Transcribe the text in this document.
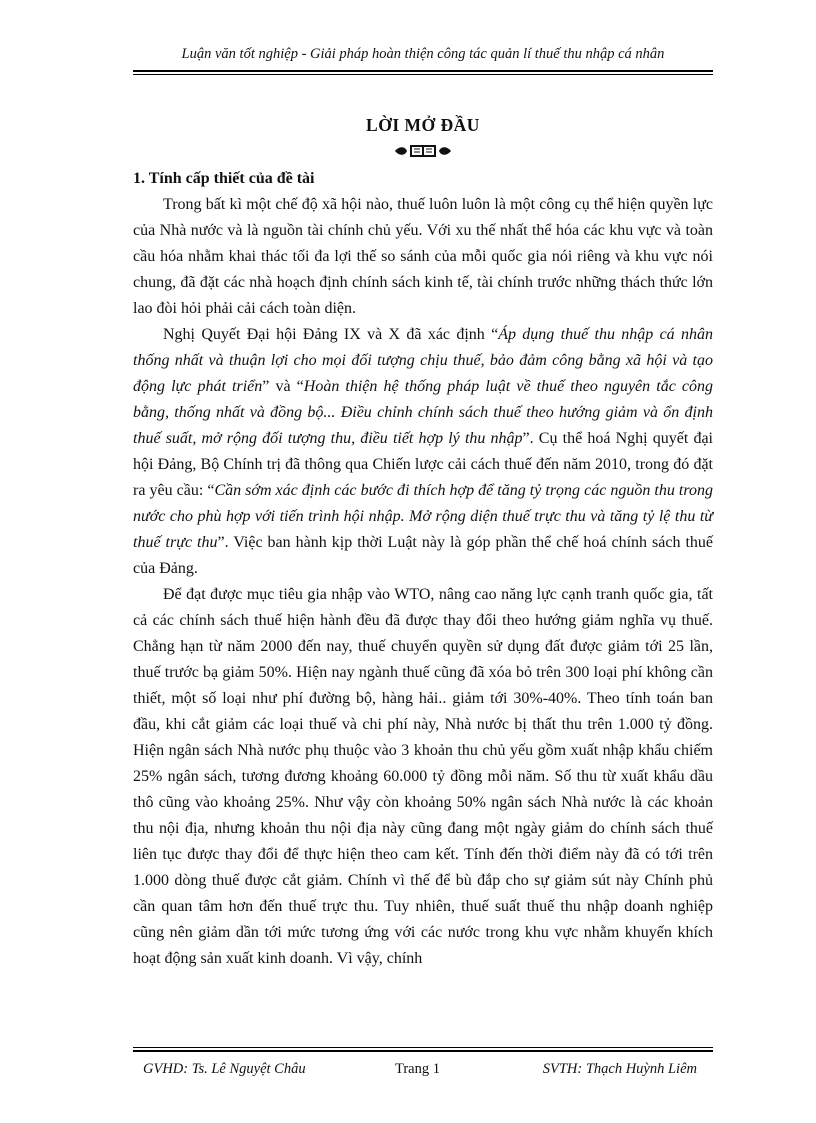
Luận văn tốt nghiệp - Giải pháp hoàn thiện công tác quản lí thuế thu nhập cá nhân
LỜI MỞ ĐẦU
1. Tính cấp thiết của đề tài

Trong bất kì một chế độ xã hội nào, thuế luôn luôn là một công cụ thể hiện quyền lực của Nhà nước và là nguồn tài chính chủ yếu. Với xu thế nhất thể hóa các khu vực và toàn cầu hóa nhằm khai thác tối đa lợi thế so sánh của mỗi quốc gia nói riêng và khu vực nói chung, đã đặt các nhà hoạch định chính sách kinh tế, tài chính trước những thách thức lớn lao đòi hỏi phải cải cách toàn diện.

Nghị Quyết Đại hội Đảng IX và X đã xác định “Áp dụng thuế thu nhập cá nhân thống nhất và thuận lợi cho mọi đối tượng chịu thuế, bảo đảm công bằng xã hội và tạo động lực phát triển” và “Hoàn thiện hệ thống pháp luật về thuế theo nguyên tắc công bằng, thống nhất và đồng bộ... Điều chỉnh chính sách thuế theo hướng giảm và ổn định thuế suất, mở rộng đối tượng thu, điều tiết hợp lý thu nhập”. Cụ thể hoá Nghị quyết đại hội Đảng, Bộ Chính trị đã thông qua Chiến lược cải cách thuế đến năm 2010, trong đó đặt ra yêu cầu: “Cần sớm xác định các bước đi thích hợp để tăng tỷ trọng các nguồn thu trong nước cho phù hợp với tiến trình hội nhập. Mở rộng diện thuế trực thu và tăng tỷ lệ thu từ thuế trực thu”. Việc ban hành kịp thời Luật này là góp phần thể chế hoá chính sách thuế của Đảng.

Để đạt được mục tiêu gia nhập vào WTO, nâng cao năng lực cạnh tranh quốc gia, tất cả các chính sách thuế hiện hành đều đã được thay đổi theo hướng giảm nghĩa vụ thuế. Chẳng hạn từ năm 2000 đến nay, thuế chuyển quyền sử dụng đất được giảm tới 25 lần, thuế trước bạ giảm 50%. Hiện nay ngành thuế cũng đã xóa bỏ trên 300 loại phí không cần thiết, một số loại như phí đường bộ, hàng hải.. giảm tới 30%-40%. Theo tính toán ban đầu, khi cắt giảm các loại thuế và chi phí này, Nhà nước bị thất thu trên 1.000 tỷ đồng. Hiện ngân sách Nhà nước phụ thuộc vào 3 khoản thu chủ yếu gồm xuất nhập khẩu chiếm 25% ngân sách, tương đương khoảng 60.000 tỷ đồng mỗi năm. Số thu từ xuất khẩu dầu thô cũng vào khoảng 25%. Như vậy còn khoảng 50% ngân sách Nhà nước là các khoản thu nội địa, nhưng khoản thu nội địa này cũng đang một ngày giảm do chính sách thuế liên tục được thay đổi để thực hiện theo cam kết. Tính đến thời điểm này đã có tới trên 1.000 dòng thuế được cắt giảm. Chính vì thế để bù đắp cho sự giảm sút này Chính phủ cần quan tâm hơn đến thuế trực thu. Tuy nhiên, thuế suất thuế thu nhập doanh nghiệp cũng nên giảm dần tới mức tương ứng với các nước trong khu vực nhằm khuyến khích hoạt động sản xuất kinh doanh. Vì vậy, chính

GVHD: Ts. Lê Nguyệt Châu	Trang 1	SVTH: Thạch Huỳnh Liêm
